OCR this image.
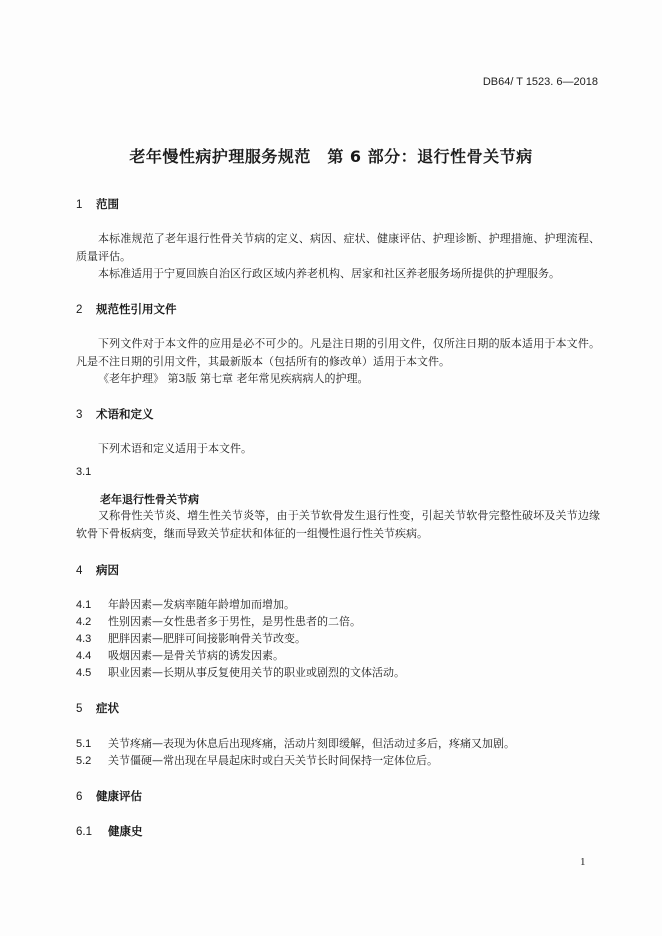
DB64/ T 1523. 6—2018
老年慢性病护理服务规范　第 6 部分：退行性骨关节病
1 范围
本标准规范了老年退行性骨关节病的定义、病因、症状、健康评估、护理诊断、护理措施、护理流程、质量评估。
本标准适用于宁夏回族自治区行政区域内养老机构、居家和社区养老服务场所提供的护理服务。
2 规范性引用文件
下列文件对于本文件的应用是必不可少的。凡是注日期的引用文件，仅所注日期的版本适用于本文件。凡是不注日期的引用文件，其最新版本（包括所有的修改单）适用于本文件。
《老年护理》 第3版 第七章 老年常见疾病病人的护理。
3 术语和定义
下列术语和定义适用于本文件。
3.1
老年退行性骨关节病
又称骨性关节炎、增生性关节炎等，由于关节软骨发生退行性变，引起关节软骨完整性破坏及关节边缘软骨下骨板病变，继而导致关节症状和体征的一组慢性退行性关节疾病。
4 病因
4.1 年龄因素—发病率随年龄增加而增加。
4.2 性别因素—女性患者多于男性，是男性患者的二倍。
4.3 肥胖因素—肥胖可间接影响骨关节改变。
4.4 吸烟因素—是骨关节病的诱发因素。
4.5 职业因素—长期从事反复使用关节的职业或剧烈的文体活动。
5 症状
5.1 关节疼痛—表现为休息后出现疼痛，活动片刻即缓解，但活动过多后，疼痛又加剧。
5.2 关节僵硬—常出现在早晨起床时或白天关节长时间保持一定体位后。
6 健康评估
6.1 健康史
1
